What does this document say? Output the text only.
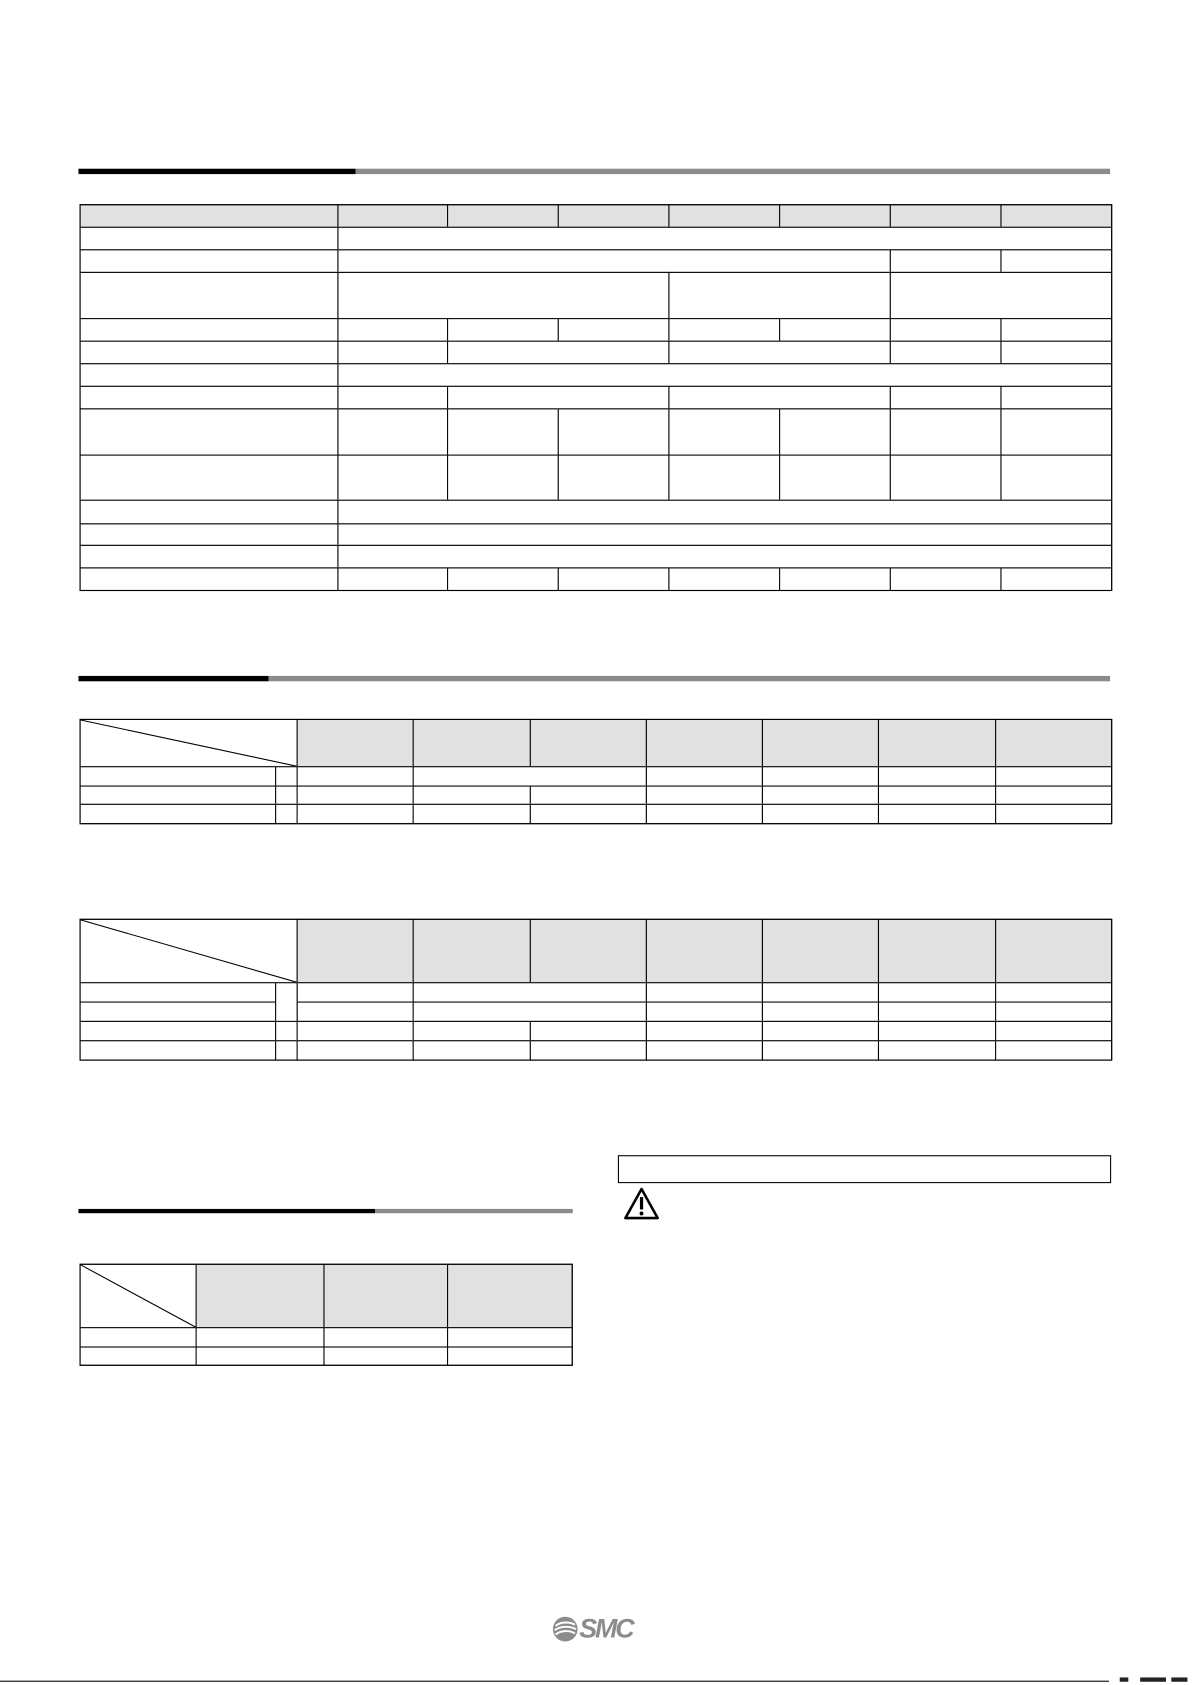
SMC
